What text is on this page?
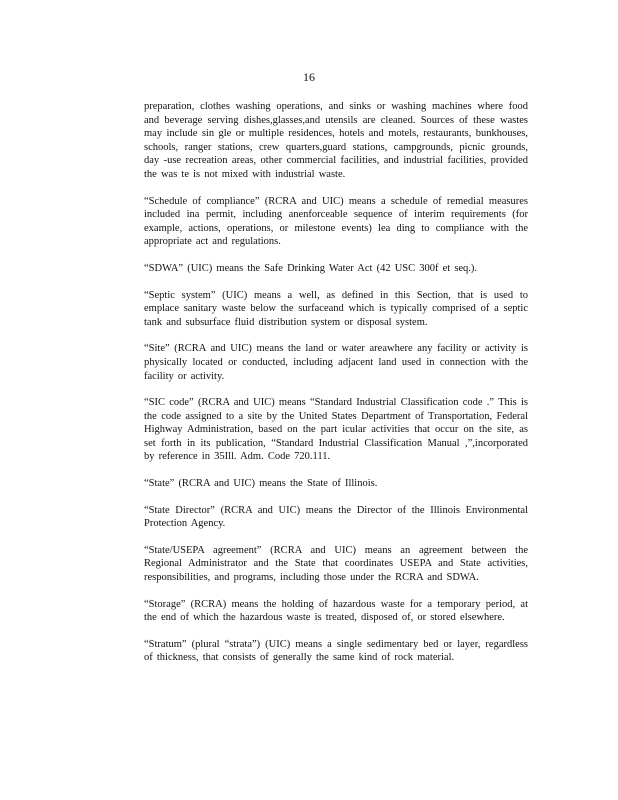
16

preparation, clothes washing operations, and sinks or washing machines where food and beverage serving dishes,glasses,and utensils are cleaned. Sources of these wastes may include sin gle or multiple residences, hotels and motels, restaurants, bunkhouses, schools, ranger stations, crew quarters,guard stations, campgrounds, picnic grounds, day -use recreation areas, other commercial facilities, and industrial facilities, provided the was te is not mixed with industrial waste.

“Schedule of compliance” (RCRA and UIC) means a schedule of remedial measures included ina permit, including anenforceable sequence of interim requirements (for example, actions, operations, or milestone events) lea ding to compliance with the appropriate act and regulations.

“SDWA” (UIC) means the Safe Drinking Water Act (42 USC 300f et seq.).

“Septic system” (UIC) means a well, as defined in this Section, that is used to emplace sanitary waste below the surfaceand which is typically comprised of a septic tank and subsurface fluid distribution system or disposal system.

“Site” (RCRA and UIC) means the land or water areawhere any facility or activity is physically located or conducted, including adjacent land used in connection with the facility or activity.

“SIC code” (RCRA and UIC) means “Standard Industrial Classification code .” This is the code assigned to a site by the United States Department of Transportation, Federal Highway Administration, based on the part icular activities that occur on the site, as set forth in its publication, “Standard Industrial Classification Manual ,”,incorporated by reference in 35Ill. Adm. Code 720.111.

“State” (RCRA and UIC) means the State of Illinois.

“State Director” (RCRA and UIC) means the Director of the Illinois Environmental Protection Agency.

“State/USEPA agreement” (RCRA and UIC) means an agreement between the Regional Administrator and the State that coordinates USEPA and State activities, responsibilities, and programs, including those under the RCRA and SDWA.

“Storage” (RCRA) means the holding of hazardous waste for a temporary period, at the end of which the hazardous waste is treated, disposed of, or stored elsewhere.

“Stratum” (plural “strata”) (UIC) means a single sedimentary bed or layer, regardless of thickness, that consists of generally the same kind of rock material.
